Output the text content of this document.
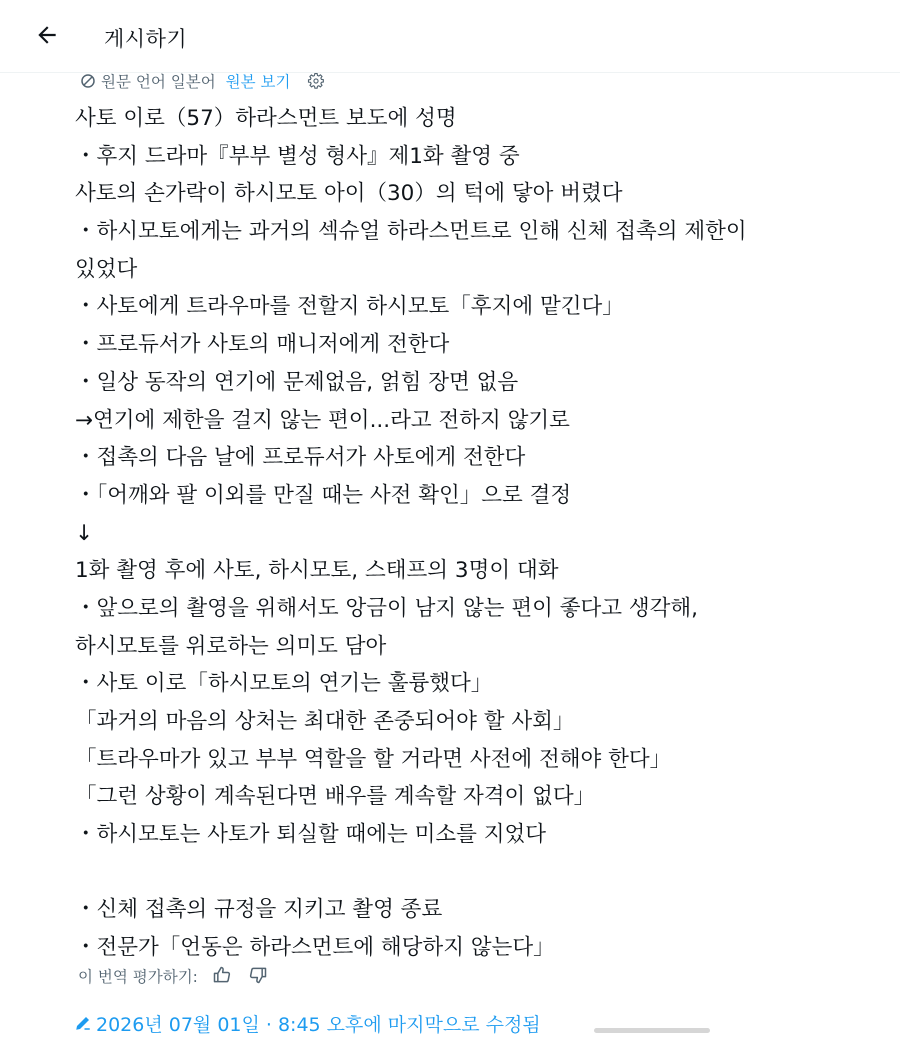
게시하기
원문 언어 일본어 원본 보기
사토 이로（57）하라스먼트 보도에 성명
・후지 드라마『부부 별성 형사』제1화 촬영 중
사토의 손가락이 하시모토 아이（30）의 턱에 닿아 버렸다
・하시모토에게는 과거의 섹슈얼 하라스먼트로 인해 신체 접촉의 제한이
있었다
・사토에게 트라우마를 전할지 하시모토「후지에 맡긴다」
・프로듀서가 사토의 매니저에게 전한다
・일상 동작의 연기에 문제없음, 얽힘 장면 없음
→연기에 제한을 걸지 않는 편이...라고 전하지 않기로
・접촉의 다음 날에 프로듀서가 사토에게 전한다
・「어깨와 팔 이외를 만질 때는 사전 확인」으로 결정
↓
1화 촬영 후에 사토, 하시모토, 스태프의 3명이 대화
・앞으로의 촬영을 위해서도 앙금이 남지 않는 편이 좋다고 생각해,
하시모토를 위로하는 의미도 담아
・사토 이로「하시모토의 연기는 훌륭했다」
「과거의 마음의 상처는 최대한 존중되어야 할 사회」
「트라우마가 있고 부부 역할을 할 거라면 사전에 전해야 한다」
「그런 상황이 계속된다면 배우를 계속할 자격이 없다」
・하시모토는 사토가 퇴실할 때에는 미소를 지었다
・신체 접촉의 규정을 지키고 촬영 종료
・전문가「언동은 하라스먼트에 해당하지 않는다」
이 번역 평가하기:
2026년 07월 01일 · 8:45 오후에 마지막으로 수정됨
